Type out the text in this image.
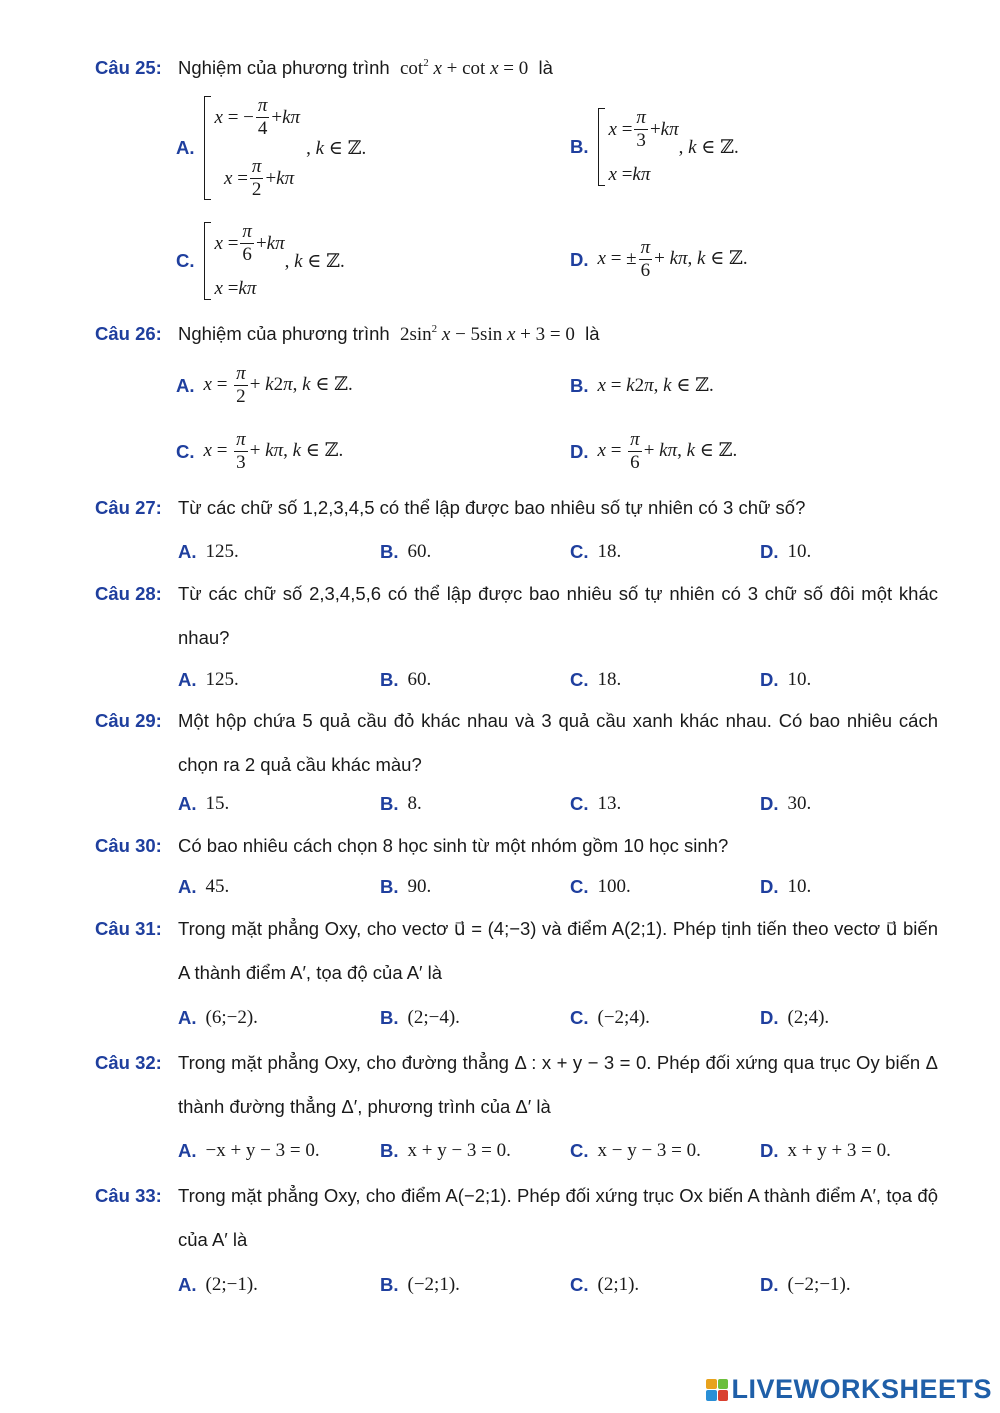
Câu 25: Nghiệm của phương trình $\cot^2 x + \cot x = 0$ là
A.
x = − $\frac{\pi}{4} + k\pi$

$x = \frac{\pi}{2} + k\pi$
, k ∈ ℤ.	B.
$x = \frac{\pi}{3} + k\pi$
x = kπ
, k ∈ ℤ.
C.
$x = \frac{\pi}{6} + k\pi$
x = kπ
, k ∈ ℤ.	D. x = ± $\frac{\pi}{6} + k\pi$, k ∈ ℤ.
Câu 26: Nghiệm của phương trình $2\sin^2$ x − 5sin x + 3 = 0 là
A. $x = \frac{\pi}{2} + k2\pi$, k ∈ ℤ.	B. x = k2π, k ∈ ℤ.
C. $x = \frac{\pi}{3} + k\pi$, k ∈ ℤ.	D. $x = \frac{\pi}{6} + k\pi$, k ∈ ℤ.
Câu 27: Từ các chữ số 1,2,3,4,5 có thể lập được bao nhiêu số tự nhiên có 3 chữ số?
A. 125.	B. 60.	C. 18.	D. 10.
Câu 28: Từ các chữ số 2,3,4,5,6 có thể lập được bao nhiêu số tự nhiên có 3 chữ số đôi một khác nhau?
A. 125.	B. 60.	C. 18.	D. 10.
Câu 29: Một hộp chứa 5 quả cầu đỏ khác nhau và 3 quả cầu xanh khác nhau. Có bao nhiêu cách chọn ra 2 quả cầu khác màu?
A. 15.	B. 8.	C. 13.	D. 30.
Câu 30: Có bao nhiêu cách chọn 8 học sinh từ một nhóm gồm 10 học sinh?
A. 45.	B. 90.	C. 100.	D. 10.
Câu 31: Trong mặt phẳng Oxy, cho vectơ u⃗ = (4;−3) và điểm A(2;1). Phép tịnh tiến theo vectơ u⃗ biến A thành điểm A′, tọa độ của A′ là
A. (6;−2).	B. (2;−4).	C. (−2;4).	D. (2;4).
Câu 32: Trong mặt phẳng Oxy, cho đường thẳng Δ : x + y − 3 = 0. Phép đối xứng qua trục Oy biến Δ thành đường thẳng Δ′, phương trình của Δ′ là
A. −x + y − 3 = 0.	B. x + y − 3 = 0.	C. x − y − 3 = 0.	D. x + y + 3 = 0.
Câu 33: Trong mặt phẳng Oxy, cho điểm A(−2;1). Phép đối xứng trục Ox biến A thành điểm A′, tọa độ của A′ là
A. (2;−1).	B. (−2;1).	C. (2;1).	D. (−2;−1).
LIVEWORKSHEETS
